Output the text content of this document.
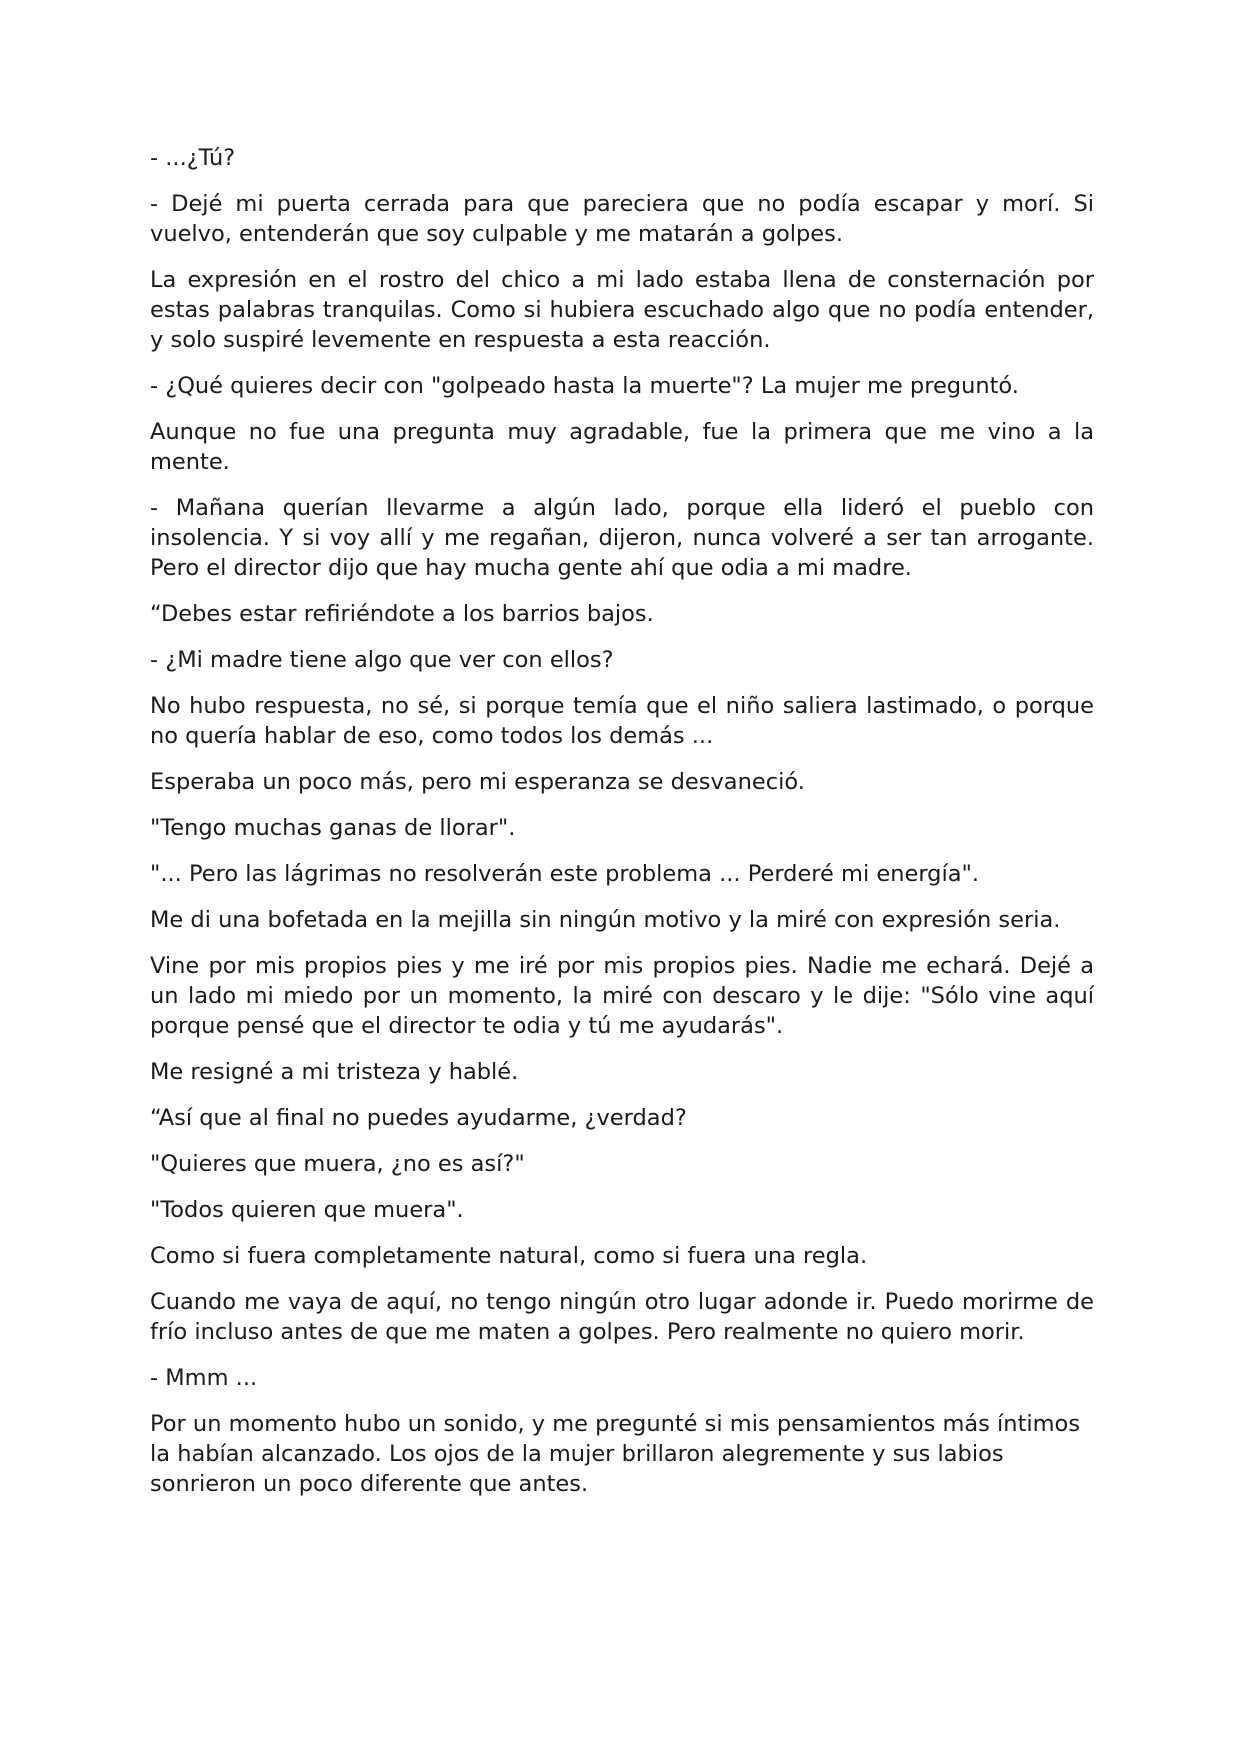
- ...¿Tú?

- Dejé mi puerta cerrada para que pareciera que no podía escapar y morí. Si vuelvo, entenderán que soy culpable y me matarán a golpes.

La expresión en el rostro del chico a mi lado estaba llena de consternación por estas palabras tranquilas. Como si hubiera escuchado algo que no podía entender, y solo suspiré levemente en respuesta a esta reacción.

- ¿Qué quieres decir con "golpeado hasta la muerte"? La mujer me preguntó.

Aunque no fue una pregunta muy agradable, fue la primera que me vino a la mente.

- Mañana querían llevarme a algún lado, porque ella lideró el pueblo con insolencia. Y si voy allí y me regañan, dijeron, nunca volveré a ser tan arrogante. Pero el director dijo que hay mucha gente ahí que odia a mi madre.

“Debes estar refiriéndote a los barrios bajos.

- ¿Mi madre tiene algo que ver con ellos?

No hubo respuesta, no sé, si porque temía que el niño saliera lastimado, o porque no quería hablar de eso, como todos los demás ...

Esperaba un poco más, pero mi esperanza se desvaneció.

"Tengo muchas ganas de llorar".

"... Pero las lágrimas no resolverán este problema ... Perderé mi energía".

Me di una bofetada en la mejilla sin ningún motivo y la miré con expresión seria.

Vine por mis propios pies y me iré por mis propios pies. Nadie me echará. Dejé a un lado mi miedo por un momento, la miré con descaro y le dije: "Sólo vine aquí porque pensé que el director te odia y tú me ayudarás".

Me resigné a mi tristeza y hablé.

“Así que al final no puedes ayudarme, ¿verdad?

"Quieres que muera, ¿no es así?"

"Todos quieren que muera".

Como si fuera completamente natural, como si fuera una regla.

Cuando me vaya de aquí, no tengo ningún otro lugar adonde ir. Puedo morirme de frío incluso antes de que me maten a golpes. Pero realmente no quiero morir.

- Mmm ...

Por un momento hubo un sonido, y me pregunté si mis pensamientos más íntimos la habían alcanzado. Los ojos de la mujer brillaron alegremente y sus labios sonrieron un poco diferente que antes.
